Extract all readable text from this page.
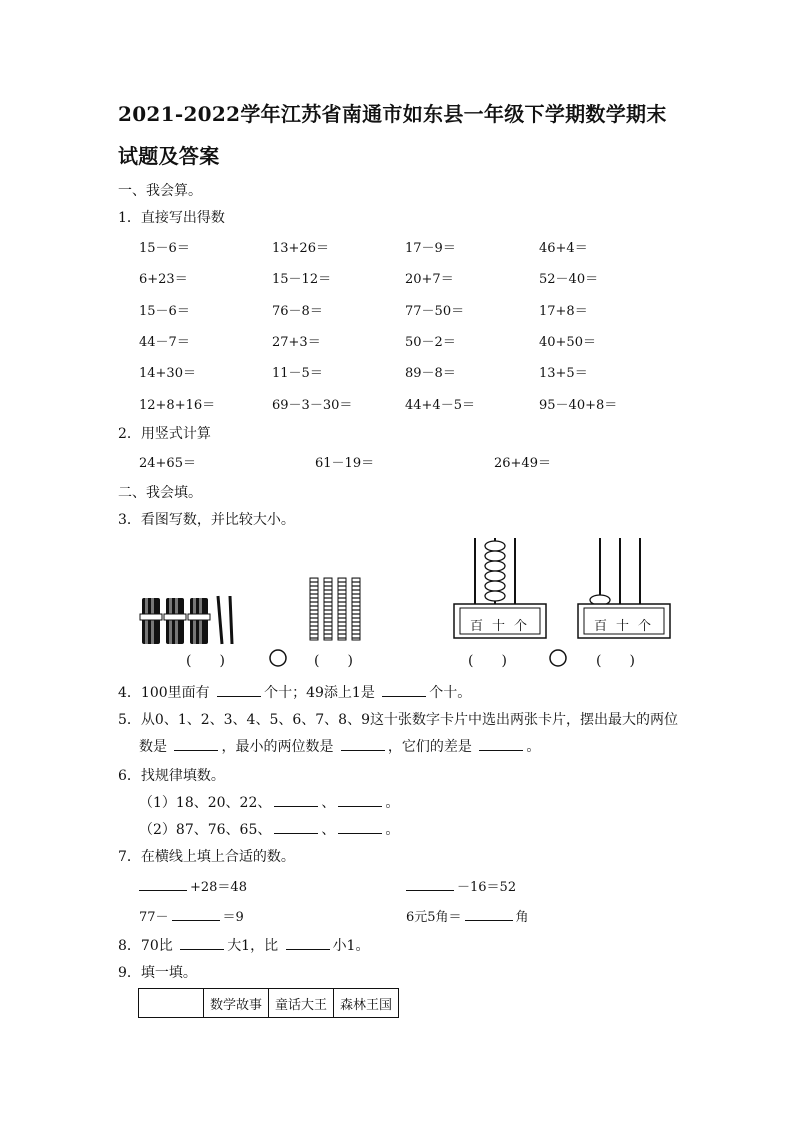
2021-2022学年江苏省南通市如东县一年级下学期数学期末
试题及答案
一、我会算。
1．直接写出得数
15－6＝	13+26＝	17－9＝	46+4＝
6+23＝	15－12＝	20+7＝	52－40＝
15－6＝	76－8＝	77－50＝	17+8＝
44－7＝	27+3＝	50－2＝	40+50＝
14+30＝	11－5＝	89－8＝	13+5＝
12+8+16＝	69－3－30＝	44+4－5＝	95－40+8＝
2．用竖式计算
24+65＝	61－19＝	26+49＝
二、我会填。
3．看图写数，并比较大小。
百十个	百十个
(　　)	(　　)	(　　)	(　　)
4．100里面有	个十；49添上1是	个十。
5．从0、1、2、3、4、5、6、7、8、9这十张数字卡片中选出两张卡片，摆出最大的两位
数是	，最小的两位数是	，它们的差是	。
6．找规律填数。
（1）18、20、22、	、	。
（2）87、76、65、	、	。
7．在横线上填上合适的数。
+28＝48	－16＝52
77－	＝9	6元5角＝	角
8．70比	大1，比	小1。
9．填一填。
	数学故事	童话大王	森林王国
